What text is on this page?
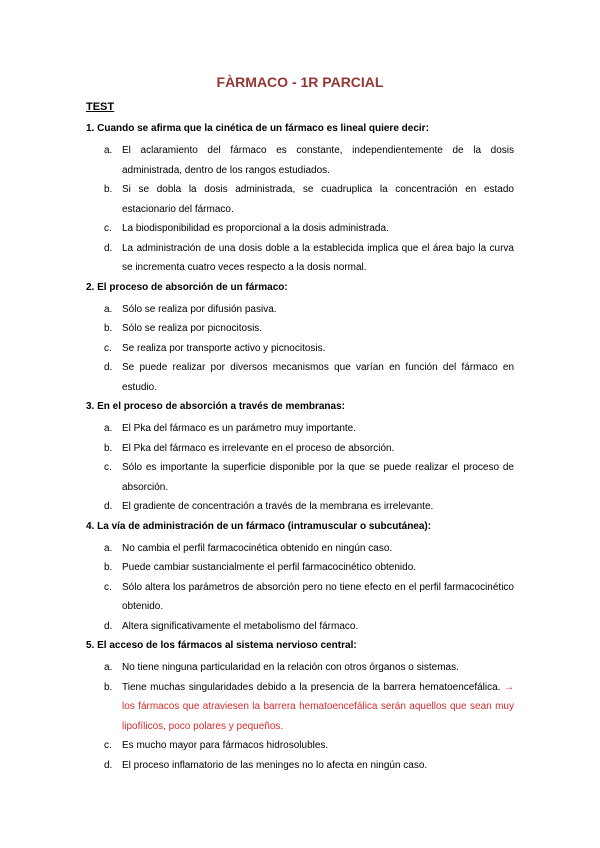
FÀRMACO - 1R PARCIAL
TEST
1. Cuando se afirma que la cinética de un fármaco es lineal quiere decir:
a. El aclaramiento del fármaco es constante, independientemente de la dosis administrada, dentro de los rangos estudiados.
b. Si se dobla la dosis administrada, se cuadruplica la concentración en estado estacionario del fármaco.
c. La biodisponibilidad es proporcional a la dosis administrada.
d. La administración de una dosis doble a la establecida implica que el área bajo la curva se incrementa cuatro veces respecto a la dosis normal.
2. El proceso de absorción de un fármaco:
a. Sólo se realiza por difusión pasiva.
b. Sólo se realiza por picnocitosis.
c. Se realiza por transporte activo y picnocitosis.
d. Se puede realizar por diversos mecanismos que varían en función del fármaco en estudio.
3. En el proceso de absorción a través de membranas:
a. El Pka del fármaco es un parámetro muy importante.
b. El Pka del fármaco es irrelevante en el proceso de absorción.
c. Sólo es importante la superficie disponible por la que se puede realizar el proceso de absorción.
d. El gradiente de concentración a través de la membrana es irrelevante.
4. La vía de administración de un fármaco (intramuscular o subcutánea):
a. No cambia el perfil farmacocinética obtenido en ningún caso.
b. Puede cambiar sustancialmente el perfil farmacocinético obtenido.
c. Sólo altera los parámetros de absorción pero no tiene efecto en el perfil farmacocinético obtenido.
d. Altera significativamente el metabolismo del fármaco.
5. El acceso de los fármacos al sistema nervioso central:
a. No tiene ninguna particularidad en la relación con otros órganos o sistemas.
b. Tiene muchas singularidades debido a la presencia de la barrera hematoencefálica. → los fármacos que atraviesen la barrera hematoencefálica serán aquellos que sean muy lipofílicos, poco polares y pequeños.
c. Es mucho mayor para fármacos hidrosolubles.
d. El proceso inflamatorio de las meninges no lo afecta en ningún caso.
